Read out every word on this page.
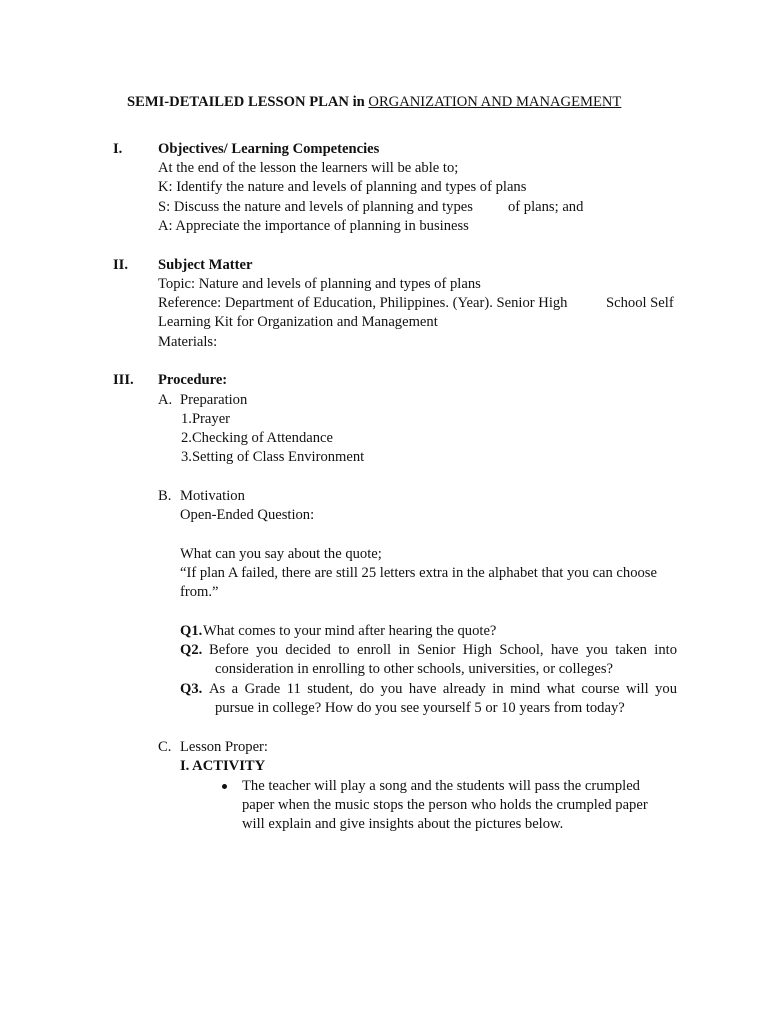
SEMI-DETAILED LESSON PLAN in ORGANIZATION AND MANAGEMENT
I. Objectives/ Learning Competencies
At the end of the lesson the learners will be able to;
K: Identify the nature and levels of planning and types of plans
S: Discuss the nature and levels of planning and types of plans; and
A: Appreciate the importance of planning in business
II. Subject Matter
Topic: Nature and levels of planning and types of plans
Reference: Department of Education, Philippines. (Year). Senior High	School Self
Learning Kit for Organization and Management
Materials:
III. Procedure:
A. Preparation
1.Prayer
2.Checking of Attendance
3.Setting of Class Environment
B. Motivation
Open-Ended Question:
What can you say about the quote;
“If plan A failed, there are still 25 letters extra in the alphabet that you can choose
from.”
Q1. What comes to your mind after hearing the quote?
Q2. Before you decided to enroll in Senior High School, have you taken into
consideration in enrolling to other schools, universities, or colleges?
Q3. As a Grade 11 student, do you have already in mind what course will you
pursue in college? How do you see yourself 5 or 10 years from today?
C. Lesson Proper:
I. ACTIVITY
The teacher will play a song and the students will pass the crumpled
paper when the music stops the person who holds the crumpled paper
will explain and give insights about the pictures below.
